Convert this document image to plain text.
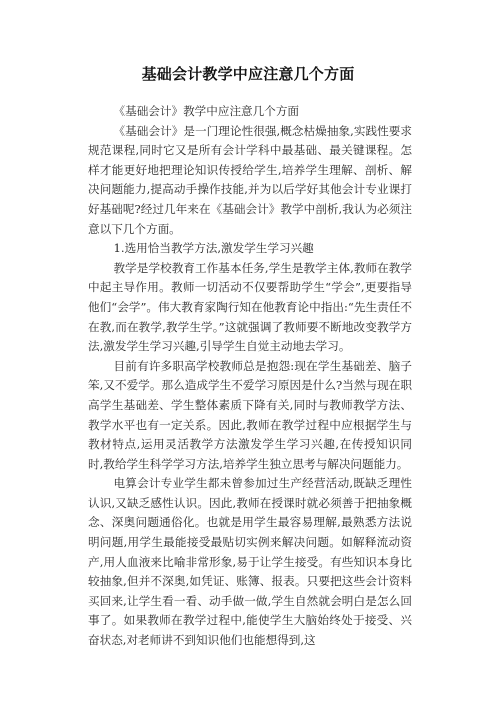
基础会计教学中应注意几个方面

《基础会计》教学中应注意几个方面

《基础会计》是一门理论性很强,概念枯燥抽象,实践性要求规范课程,同时它又是所有会计学科中最基础、最关键课程。怎样才能更好地把理论知识传授给学生,培养学生理解、剖析、解决问题能力,提高动手操作技能,并为以后学好其他会计专业课打好基础呢?经过几年来在《基础会计》教学中剖析,我认为必须注意以下几个方面。

1.选用恰当教学方法,激发学生学习兴趣

教学是学校教育工作基本任务,学生是教学主体,教师在教学中起主导作用。教师一切活动不仅要帮助学生“学会”,更要指导他们“会学”。伟大教育家陶行知在他教育论中指出:“先生责任不在教,而在教学,教学生学。”这就强调了教师要不断地改变教学方法,激发学生学习兴趣,引导学生自觉主动地去学习。

目前有许多职高学校教师总是抱怨:现在学生基础差、脑子笨,又不爱学。那么造成学生不爱学习原因是什么?当然与现在职高学生基础差、学生整体素质下降有关,同时与教师教学方法、教学水平也有一定关系。因此,教师在教学过程中应根据学生与教材特点,运用灵活教学方法激发学生学习兴趣,在传授知识同时,教给学生科学学习方法,培养学生独立思考与解决问题能力。

电算会计专业学生都未曾参加过生产经营活动,既缺乏理性认识,又缺乏感性认识。因此,教师在授课时就必须善于把抽象概念、深奥问题通俗化。也就是用学生最容易理解,最熟悉方法说明问题,用学生最能接受最贴切实例来解决问题。如解释流动资产,用人血液来比喻非常形象,易于让学生接受。有些知识本身比较抽象,但并不深奥,如凭证、账簿、报表。只要把这些会计资料买回来,让学生看一看、动手做一做,学生自然就会明白是怎么回事了。如果教师在教学过程中,能使学生大脑始终处于接受、兴奋状态,对老师讲不到知识他们也能想得到,这
